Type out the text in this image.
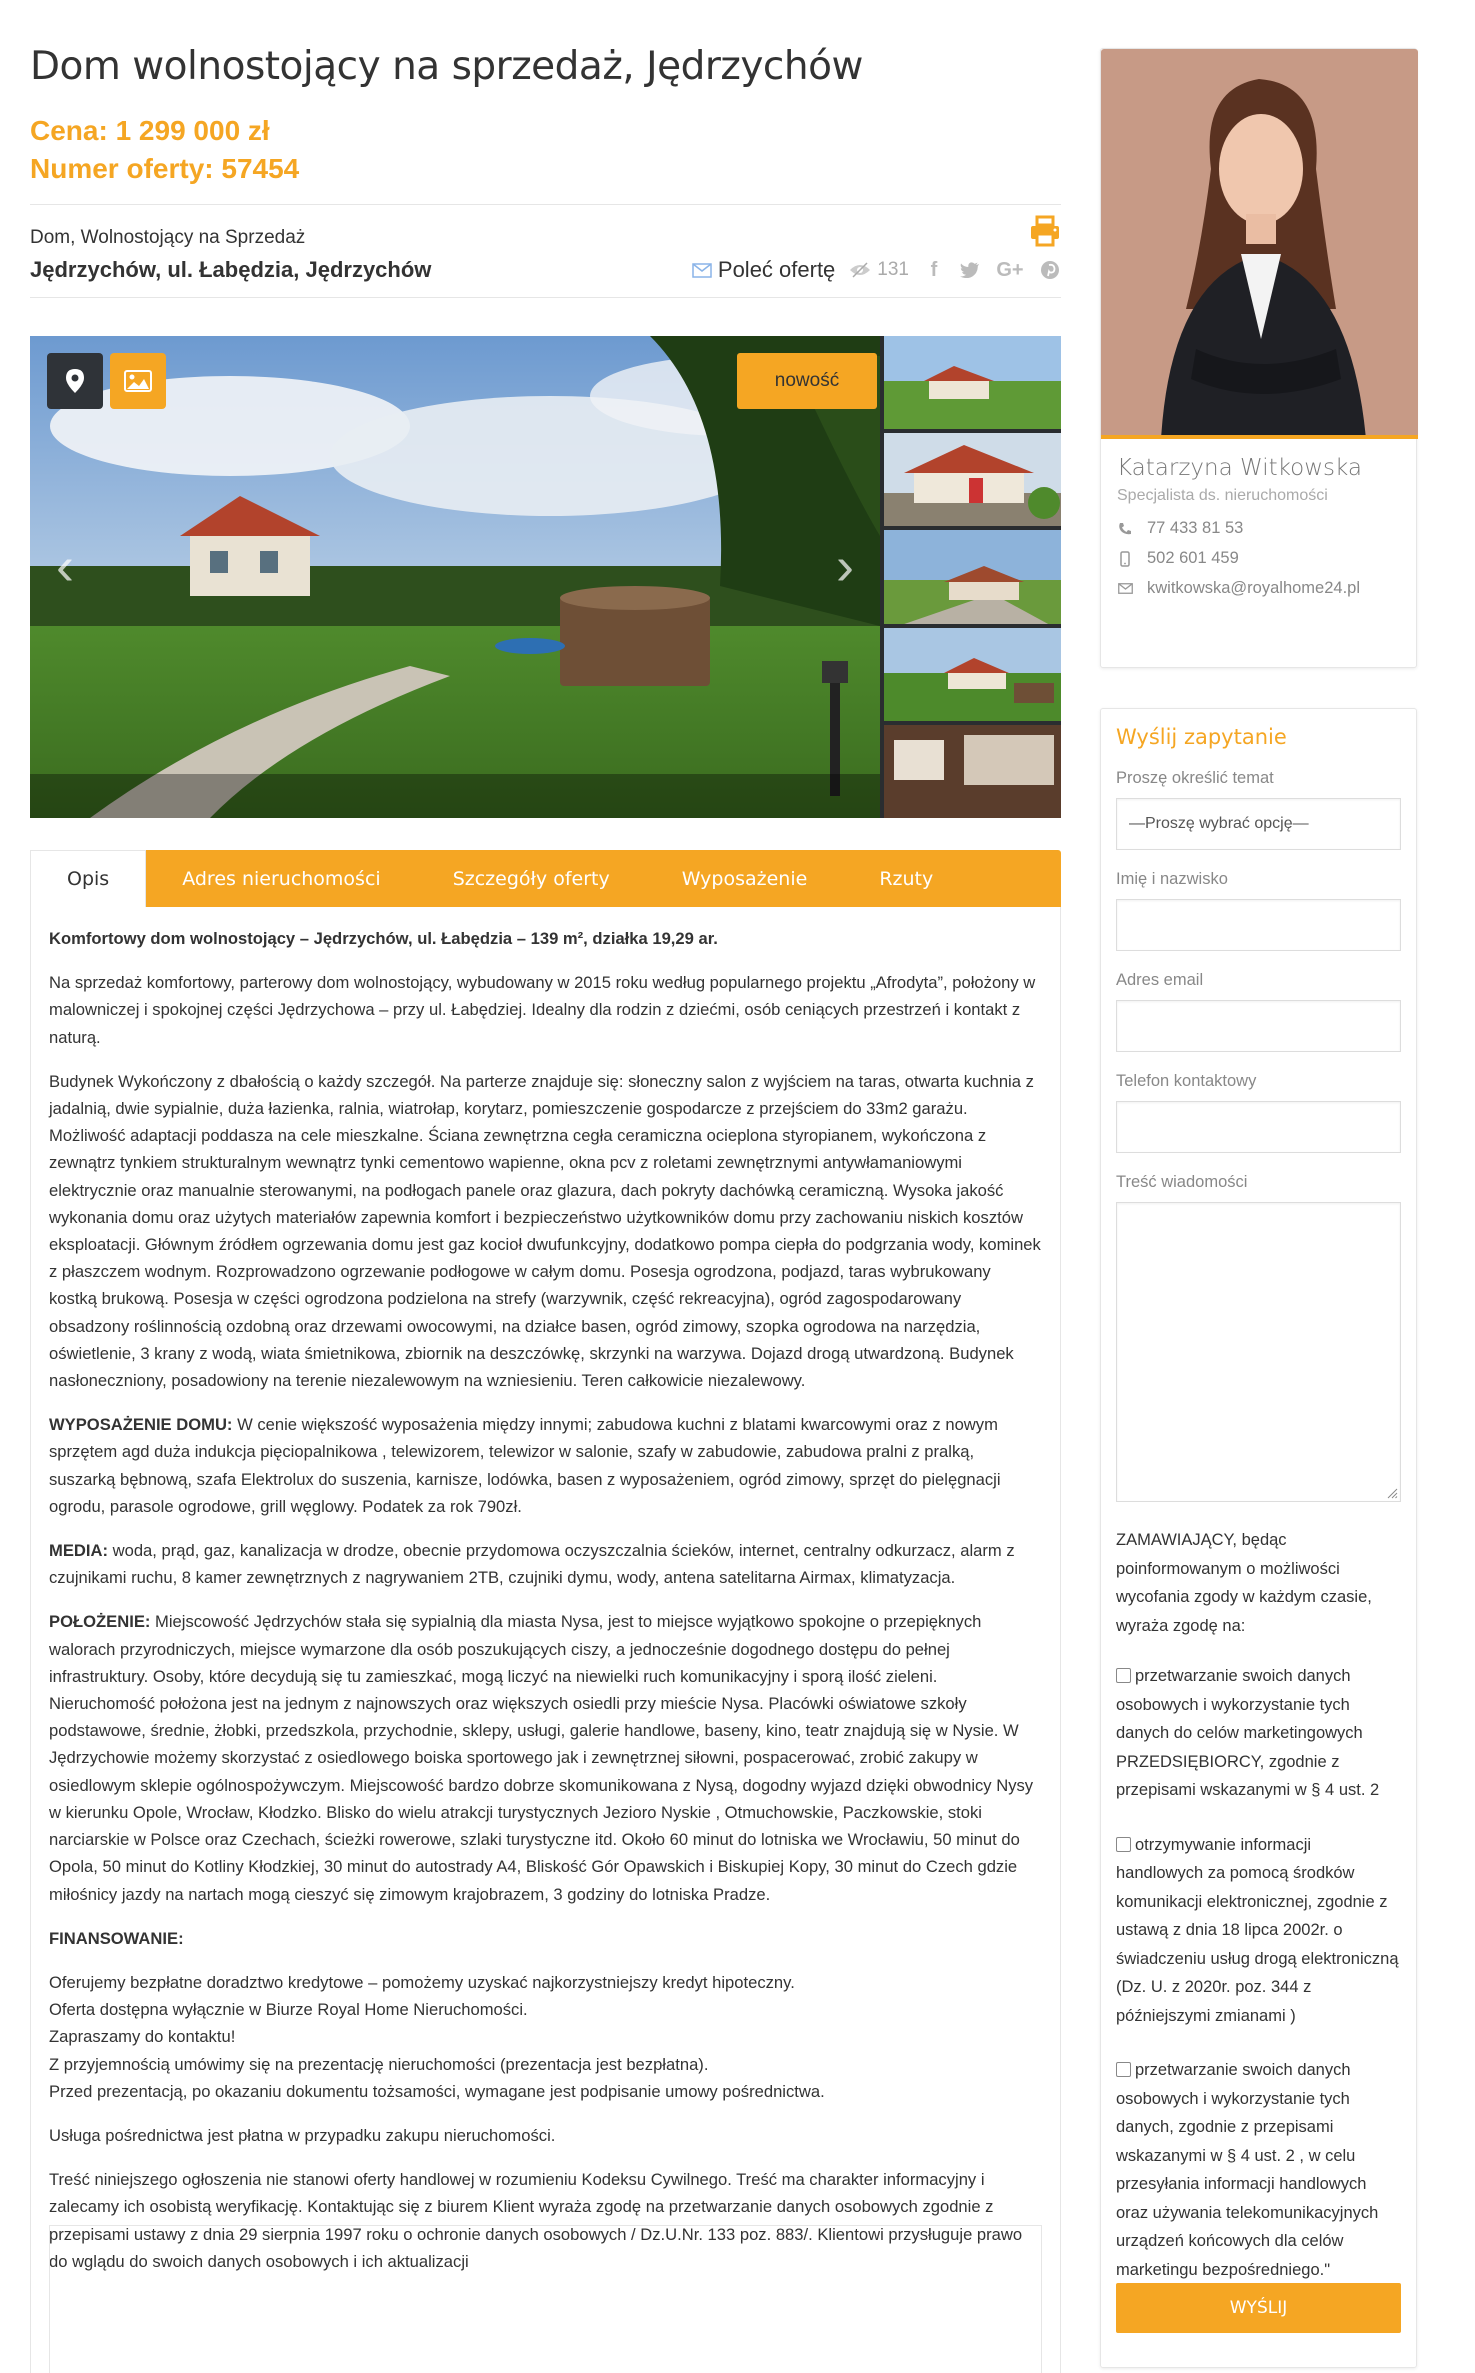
Dom wolnostojący na sprzedaż, Jędrzychów
Cena: 1 299 000 zł
Numer oferty: 57454
Dom, Wolnostojący na Sprzedaż
Jędrzychów, ul. Łabędzia, Jędrzychów	Poleć ofertę 131	f	G+
nowość
‹	›
Opis	Adres nieruchomości	Szczegóły oferty	Wyposażenie	Rzuty

Komfortowy dom wolnostojący – Jędrzychów, ul. Łabędzia – 139 m², działka 19,29 ar.

Na sprzedaż komfortowy, parterowy dom wolnostojący, wybudowany w 2015 roku według popularnego projektu „Afrodyta”, położony w malowniczej i spokojnej części Jędrzychowa – przy ul. Łabędziej. Idealny dla rodzin z dziećmi, osób ceniących przestrzeń i kontakt z naturą.

Budynek Wykończony z dbałością o każdy szczegół. Na parterze znajduje się: słoneczny salon z wyjściem na taras, otwarta kuchnia z jadalnią, dwie sypialnie, duża łazienka, ralnia, wiatrołap, korytarz, pomieszczenie gospodarcze z przejściem do 33m2 garażu. Możliwość adaptacji poddasza na cele mieszkalne. Ściana zewnętrzna cegła ceramiczna ocieplona styropianem, wykończona z zewnątrz tynkiem strukturalnym wewnątrz tynki cementowo wapienne, okna pcv z roletami zewnętrznymi antywłamaniowymi elektrycznie oraz manualnie sterowanymi, na podłogach panele oraz glazura, dach pokryty dachówką ceramiczną. Wysoka jakość wykonania domu oraz użytych materiałów zapewnia komfort i bezpieczeństwo użytkowników domu przy zachowaniu niskich kosztów eksploatacji. Głównym źródłem ogrzewania domu jest gaz kocioł dwufunkcyjny, dodatkowo pompa ciepła do podgrzania wody, kominek z płaszczem wodnym. Rozprowadzono ogrzewanie podłogowe w całym domu. Posesja ogrodzona, podjazd, taras wybrukowany kostką brukową. Posesja w części ogrodzona podzielona na strefy (warzywnik, część rekreacyjna), ogród zagospodarowany obsadzony roślinnością ozdobną oraz drzewami owocowymi, na działce basen, ogród zimowy, szopka ogrodowa na narzędzia, oświetlenie, 3 krany z wodą, wiata śmietnikowa, zbiornik na deszczówkę, skrzynki na warzywa. Dojazd drogą utwardzoną. Budynek nasłoneczniony, posadowiony na terenie niezalewowym na wzniesieniu. Teren całkowicie niezalewowy.

WYPOSAŻENIE DOMU: W cenie większość wyposażenia między innymi; zabudowa kuchni z blatami kwarcowymi oraz z nowym sprzętem agd duża indukcja pięciopalnikowa , telewizorem, telewizor w salonie, szafy w zabudowie, zabudowa pralni z pralką, suszarką bębnową, szafa Elektrolux do suszenia, karnisze, lodówka, basen z wyposażeniem, ogród zimowy, sprzęt do pielęgnacji ogrodu, parasole ogrodowe, grill węglowy. Podatek za rok 790zł.

MEDIA: woda, prąd, gaz, kanalizacja w drodze, obecnie przydomowa oczyszczalnia ścieków, internet, centralny odkurzacz, alarm z czujnikami ruchu, 8 kamer zewnętrznych z nagrywaniem 2TB, czujniki dymu, wody, antena satelitarna Airmax, klimatyzacja.

POŁOŻENIE: Miejscowość Jędrzychów stała się sypialnią dla miasta Nysa, jest to miejsce wyjątkowo spokojne o przepięknych walorach przyrodniczych, miejsce wymarzone dla osób poszukujących ciszy, a jednocześnie dogodnego dostępu do pełnej infrastruktury. Osoby, które decydują się tu zamieszkać, mogą liczyć na niewielki ruch komunikacyjny i sporą ilość zieleni. Nieruchomość położona jest na jednym z najnowszych oraz większych osiedli przy mieście Nysa. Placówki oświatowe szkoły podstawowe, średnie, żłobki, przedszkola, przychodnie, sklepy, usługi, galerie handlowe, baseny, kino, teatr znajdują się w Nysie. W Jędrzychowie możemy skorzystać z osiedlowego boiska sportowego jak i zewnętrznej siłowni, pospacerować, zrobić zakupy w osiedlowym sklepie ogólnospożywczym. Miejscowość bardzo dobrze skomunikowana z Nysą, dogodny wyjazd dzięki obwodnicy Nysy w kierunku Opole, Wrocław, Kłodzko. Blisko do wielu atrakcji turystycznych Jezioro Nyskie , Otmuchowskie, Paczkowskie, stoki narciarskie w Polsce oraz Czechach, ścieżki rowerowe, szlaki turystyczne itd. Około 60 minut do lotniska we Wrocławiu, 50 minut do Opola, 50 minut do Kotliny Kłodzkiej, 30 minut do autostrady A4, Bliskość Gór Opawskich i Biskupiej Kopy, 30 minut do Czech gdzie miłośnicy jazdy na nartach mogą cieszyć się zimowym krajobrazem, 3 godziny do lotniska Pradze.

FINANSOWANIE:

Oferujemy bezpłatne doradztwo kredytowe – pomożemy uzyskać najkorzystniejszy kredyt hipoteczny.
Oferta dostępna wyłącznie w Biurze Royal Home Nieruchomości.
Zapraszamy do kontaktu!
Z przyjemnością umówimy się na prezentację nieruchomości (prezentacja jest bezpłatna).
Przed prezentacją, po okazaniu dokumentu tożsamości, wymagane jest podpisanie umowy pośrednictwa.

Usługa pośrednictwa jest płatna w przypadku zakupu nieruchomości.

Treść niniejszego ogłoszenia nie stanowi oferty handlowej w rozumieniu Kodeksu Cywilnego. Treść ma charakter informacyjny i zalecamy ich osobistą weryfikację. Kontaktując się z biurem Klient wyraża zgodę na przetwarzanie danych osobowych zgodnie z przepisami ustawy z dnia 29 sierpnia 1997 roku o ochronie danych osobowych / Dz.U.Nr. 133 poz. 883/. Klientowi przysługuje prawo do wglądu do swoich danych osobowych i ich aktualizacji

Katarzyna Witkowska
Specjalista ds. nieruchomości
77 433 81 53
502 601 459
kwitkowska@royalhome24.pl
Wyślij zapytanie
Proszę określić temat
—Proszę wybrać opcję—
Imię i nazwisko
Adres email
Telefon kontaktowy
Treść wiadomości
ZAMAWIAJĄCY, będąc poinformowanym o możliwości wycofania zgody w każdym czasie, wyraża zgodę na:
przetwarzanie swoich danych osobowych i wykorzystanie tych danych do celów marketingowych PRZEDSIĘBIORCY, zgodnie z przepisami wskazanymi w § 4 ust. 2
otrzymywanie informacji handlowych za pomocą środków komunikacji elektronicznej, zgodnie z ustawą z dnia 18 lipca 2002r. o świadczeniu usług drogą elektroniczną (Dz. U. z 2020r. poz. 344 z późniejszymi zmianami )
przetwarzanie swoich danych osobowych i wykorzystanie tych danych, zgodnie z przepisami wskazanymi w § 4 ust. 2 , w celu przesyłania informacji handlowych oraz używania telekomunikacyjnych urządzeń końcowych dla celów marketingu bezpośredniego."
WYŚLIJ
